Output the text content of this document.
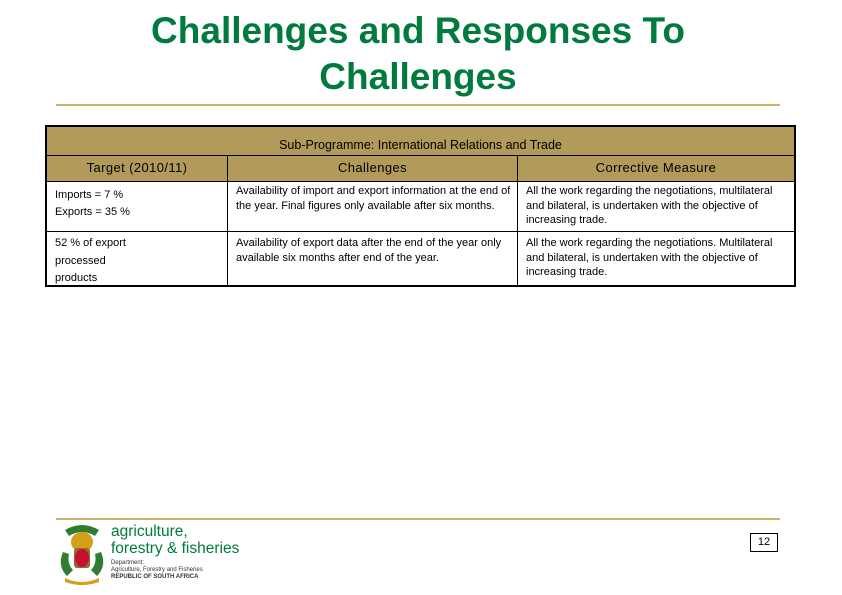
Challenges and Responses To Challenges
Sub-Programme: International Relations and Trade
Target (2010/11)	Challenges	Corrective Measure
Imports = 7 %
Exports = 35 %
Availability of import and export information at the end of the year. Final figures only available after six months.
All the work regarding the negotiations, multilateral and bilateral, is undertaken with the objective of increasing trade.
52 % of export
processed
products
Availability of export data after the end of the year only available six months after end of the year.
All the work regarding the negotiations. Multilateral and bilateral, is undertaken with the objective of increasing trade.
agriculture,
forestry & fisheries
Department:
Agriculture, Forestry and Fisheries
REPUBLIC OF SOUTH AFRICA
12
